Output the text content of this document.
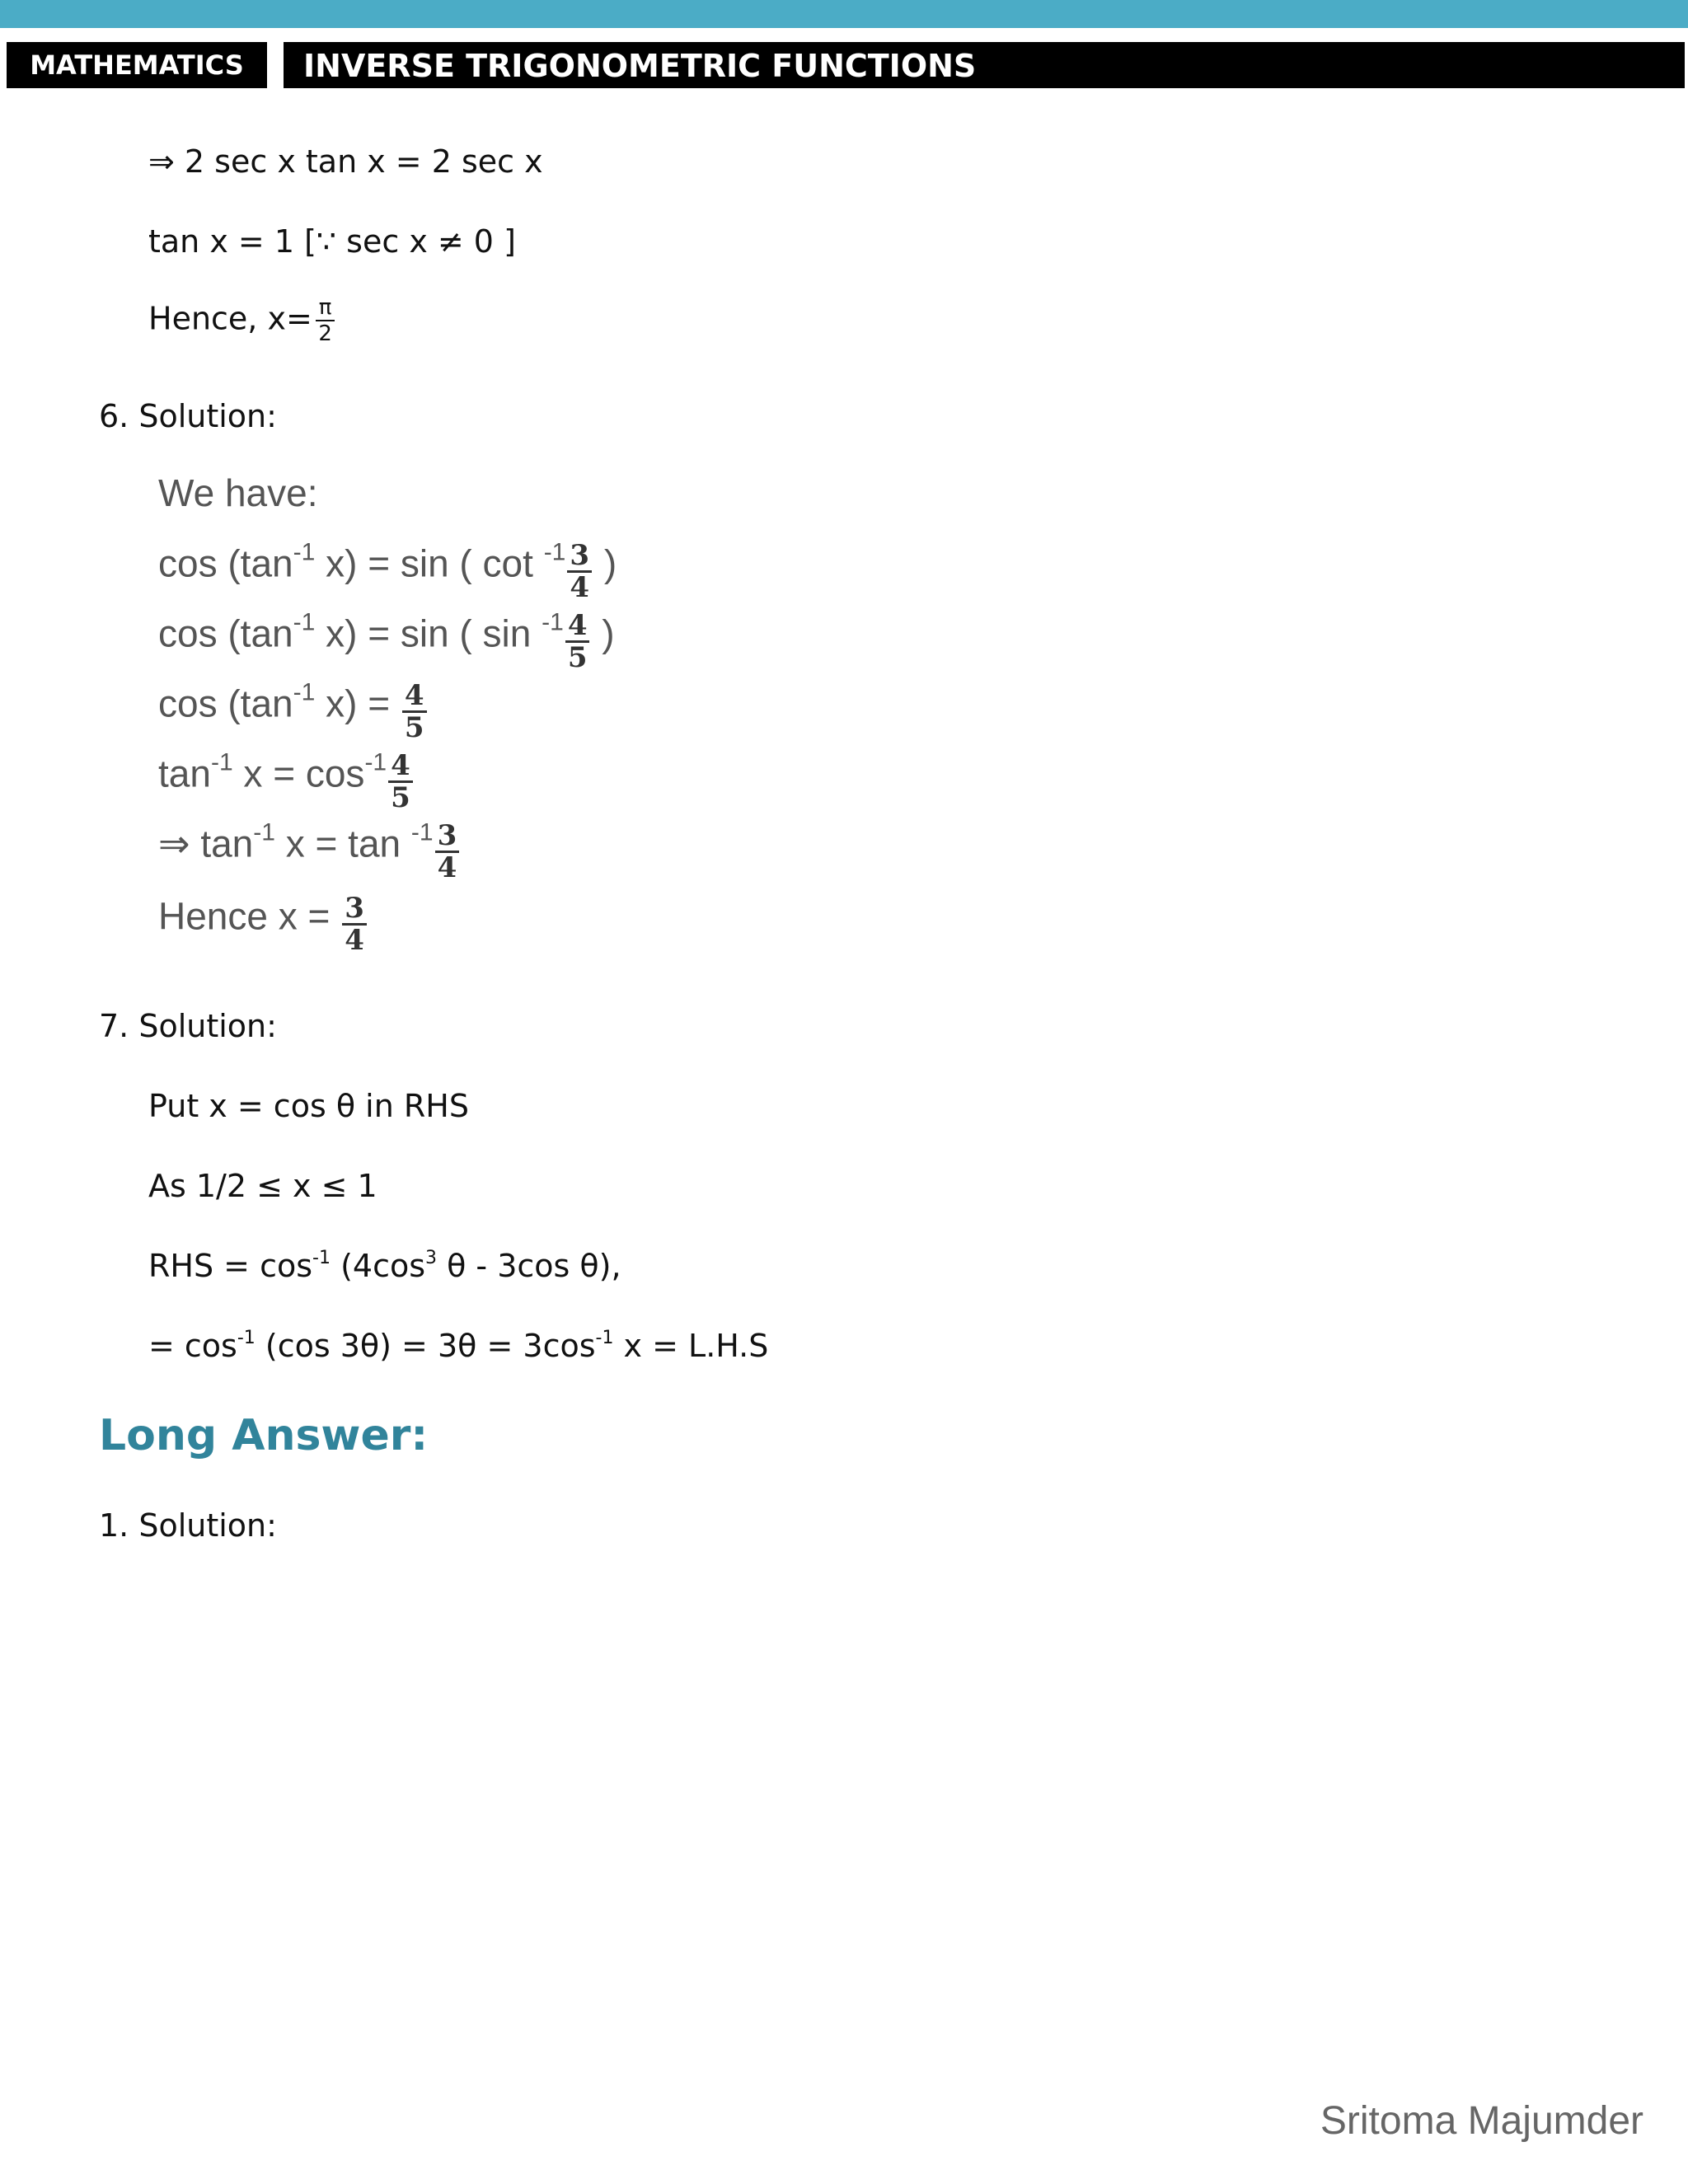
MATHEMATICS	INVERSE TRIGONOMETRIC FUNCTIONS
⇒ 2 sec x tan x = 2 sec x
tan x = 1 [∵ sec x ≠ 0 ]
Hence, $x= \frac{\pi}{2}$
6. Solution:
We have:
$\cos (\tan^{-1}$ x) = sin ( $\cot ^{-1} \frac{3}{4}$ )
$\cos (\tan^{-1}$ x) = sin ( $\sin ^{-1} \frac{4}{5}$ )
$\cos (\tan^{-1}$ $x) = \frac{4}{5}$
$\tan^{-1} x = \cos^{-1} \frac{4}{5}$
⇒ $\tan^{-1} x = \tan ^{-1} \frac{3}{4}$
Hence $x = \frac{3}{4}$
7. Solution:
Put x = cos θ in RHS
As 1/2 ≤ x ≤ 1
RHS = $\cos^{-1} (4\cos^3$ θ - 3cos θ),
= $\cos^{-1} (\cos$ $3\theta) = 3\theta = 3\cos^{-1}$ x = L.H.S
Long Answer:
1. Solution:
Sritoma Majumder
